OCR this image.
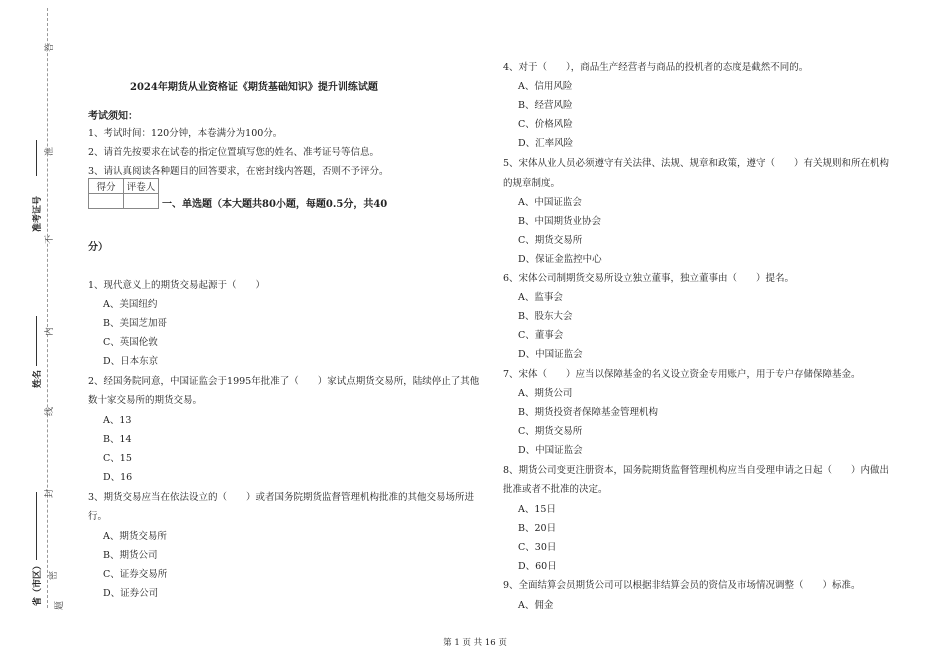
答
准
不
内
线
封
密
题
准考证号
姓名
省（市区）
2024年期货从业资格证《期货基础知识》提升训练试题
考试须知：
1、考试时间：120分钟，本卷满分为100分。
2、请首先按要求在试卷的指定位置填写您的姓名、准考证号等信息。
3、请认真阅读各种题目的回答要求，在密封线内答题，否则不予评分。
得分	评卷人

一、单选题（本大题共80小题，每题0.5分，共40
分）
1、现代意义上的期货交易起源于（　　）
A、美国纽约
B、美国芝加哥
C、英国伦敦
D、日本东京
2、经国务院同意，中国证监会于1995年批准了（　　）家试点期货交易所，陆续停止了其他
数十家交易所的期货交易。
A、13
B、14
C、15
D、16
3、期货交易应当在依法设立的（　　）或者国务院期货监督管理机构批准的其他交易场所进
行。
A、期货交易所
B、期货公司
C、证券交易所
D、证券公司
4、对于（　　），商品生产经营者与商品的投机者的态度是截然不同的。
A、信用风险
B、经营风险
C、价格风险
D、汇率风险
5、宋体从业人员必须遵守有关法律、法规、规章和政策，遵守（　　）有关规则和所在机构
的规章制度。
A、中国证监会
B、中国期货业协会
C、期货交易所
D、保证金监控中心
6、宋体公司制期货交易所设立独立董事，独立董事由（　　）提名。
A、监事会
B、股东大会
C、董事会
D、中国证监会
7、宋体（　　）应当以保障基金的名义设立资金专用账户，用于专户存储保障基金。
A、期货公司
B、期货投资者保障基金管理机构
C、期货交易所
D、中国证监会
8、期货公司变更注册资本，国务院期货监督管理机构应当自受理申请之日起（　　）内做出
批准或者不批准的决定。
A、15日
B、20日
C、30日
D、60日
9、全面结算会员期货公司可以根据非结算会员的资信及市场情况调整（　　）标准。
A、佣金
第 1 页 共 16 页
